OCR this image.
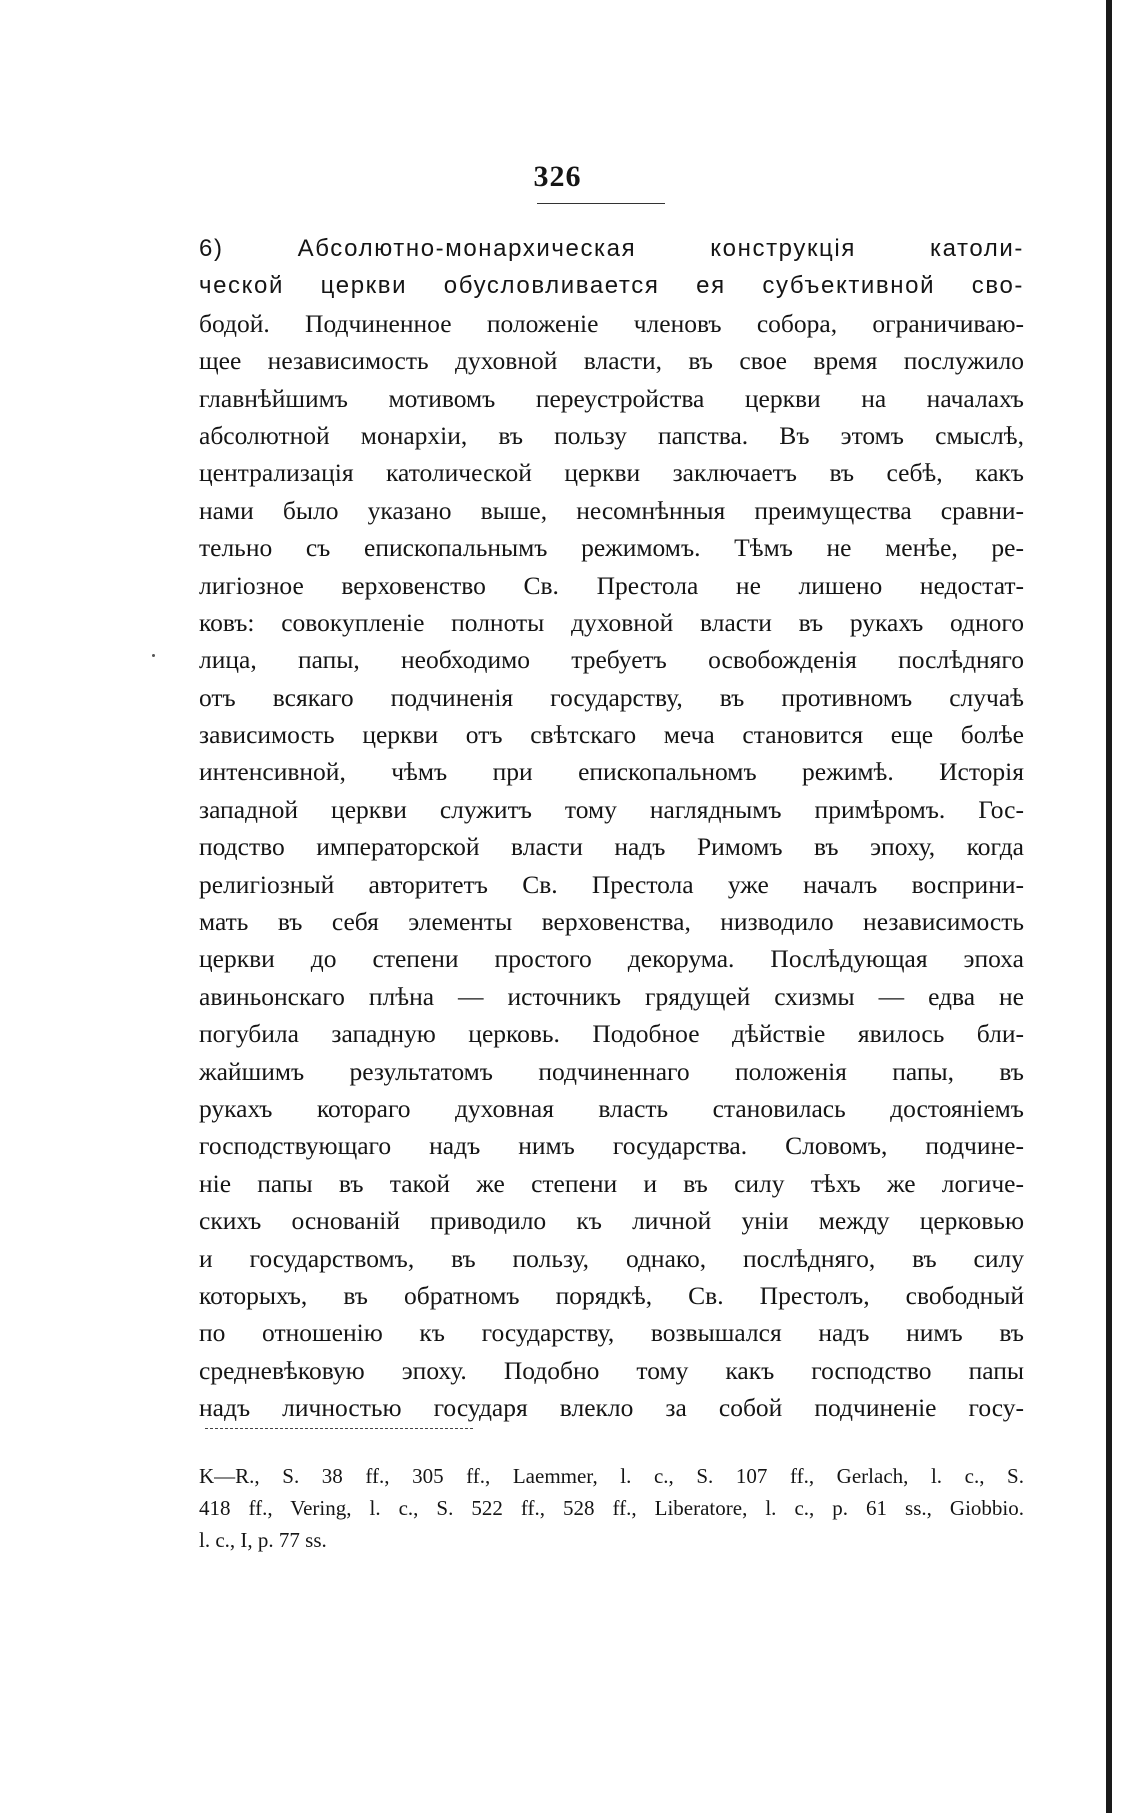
326
6) Абсолютно-монархическая конструкція католи-
ческой церкви обусловливается ея субъективной сво-
бодой. Подчиненное положеніе членовъ собора, ограничиваю-
щее независимость духовной власти, въ свое время послужило
главнѣйшимъ мотивомъ переустройства церкви на началахъ
абсолютной монархіи, въ пользу папства. Въ этомъ смыслѣ,
централизація католической церкви заключаетъ въ себѣ, какъ
нами было указано выше, несомнѣнныя преимущества сравни-
тельно съ епископальнымъ режимомъ. Тѣмъ не менѣе, ре-
лигіозное верховенство Св. Престола не лишено недостат-
ковъ: совокупленіе полноты духовной власти въ рукахъ одного
лица, папы, необходимо требуетъ освобожденія послѣдняго
отъ всякаго подчиненія государству, въ противномъ случаѣ
зависимость церкви отъ свѣтскаго меча становится еще болѣе
интенсивной, чѣмъ при епископальномъ режимѣ. Исторія
западной церкви служитъ тому нагляднымъ примѣромъ. Гос-
подство императорской власти надъ Римомъ въ эпоху, когда
религіозный авторитетъ Св. Престола уже началъ восприни-
мать въ себя элементы верховенства, низводило независимость
церкви до степени простого декорума. Послѣдующая эпоха
авиньонскаго плѣна — источникъ грядущей схизмы — едва не
погубила западную церковь. Подобное дѣйствіе явилось бли-
жайшимъ результатомъ подчиненнаго положенія папы, въ
рукахъ котораго духовная власть становилась достояніемъ
господствующаго надъ нимъ государства. Словомъ, подчине-
ніе папы въ такой же степени и въ силу тѣхъ же логиче-
скихъ основаній приводило къ личной уніи между церковью
и государствомъ, въ пользу, однако, послѣдняго, въ силу
которыхъ, въ обратномъ порядкѣ, Св. Престолъ, свободный
по отношенію къ государству, возвышался надъ нимъ въ
средневѣковую эпоху. Подобно тому какъ господство папы
надъ личностью государя влекло за собой подчиненіе госу-
K—R., S. 38 ff., 305 ff., Laemmer, l. c., S. 107 ff., Gerlach, l. c., S.
418 ff., Vering, l. c., S. 522 ff., 528 ff., Liberatore, l. c., p. 61 ss., Giobbio.
l. c., I, p. 77 ss.
